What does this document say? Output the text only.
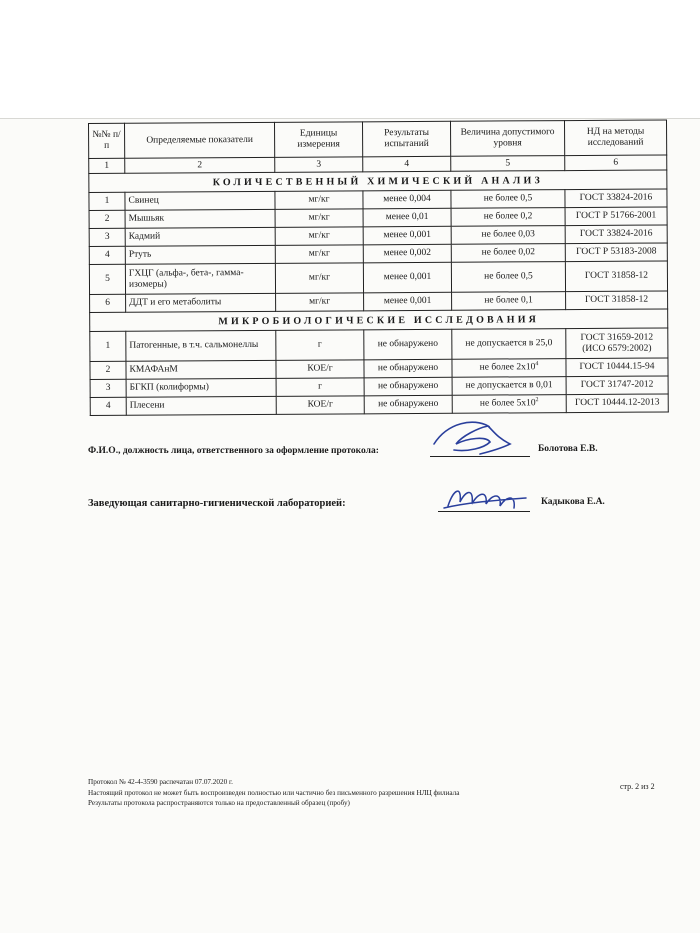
№№ п/п	Определяемые показатели	Единицы измерения	Результаты испытаний	Величина допустимого уровня	НД на методы исследований
1	2	3	4	5	6
КОЛИЧЕСТВЕННЫЙ ХИМИЧЕСКИЙ АНАЛИЗ					
1	Свинец	мг/кг	менее 0,004	не более 0,5	ГОСТ 33824-2016
2	Мышьяк	мг/кг	менее 0,01	не более 0,2	ГОСТ Р 51766-2001
3	Кадмий	мг/кг	менее 0,001	не более 0,03	ГОСТ 33824-2016
4	Ртуть	мг/кг	менее 0,002	не более 0,02	ГОСТ Р 53183-2008
5	ГХЦГ (альфа-, бета-, гамма-изомеры)	мг/кг	менее 0,001	не более 0,5	ГОСТ 31858-12
6	ДДТ и его метаболиты	мг/кг	менее 0,001	не более 0,1	ГОСТ 31858-12
МИКРОБИОЛОГИЧЕСКИЕ ИССЛЕДОВАНИЯ					
1	Патогенные, в т.ч. сальмонеллы	г	не обнаружено	не допускается в 25,0	ГОСТ 31659-2012 (ИСО 6579:2002)
2	КМАФАнМ	КОЕ/г	не обнаружено	не более $2х10^4$	ГОСТ 10444.15-94
3	БГКП (колиформы)	г	не обнаружено	не допускается в 0,01	ГОСТ 31747-2012
4	Плесени	КОЕ/г	не обнаружено	не более $5х10^2$	ГОСТ 10444.12-2013
Ф.И.О., должность лица, ответственного за оформление протокола:	Болотова Е.В.
Заведующая санитарно-гигиенической лабораторией:	Кадыкова Е.А.
Протокол № 42-4-3590 распечатан 07.07.2020 г.
Настоящий протокол не может быть воспроизведен полностью или частично без письменного разрешения НЛЦ филиала
Результаты протокола распространяются только на предоставленный образец (пробу)
стр. 2 из 2
